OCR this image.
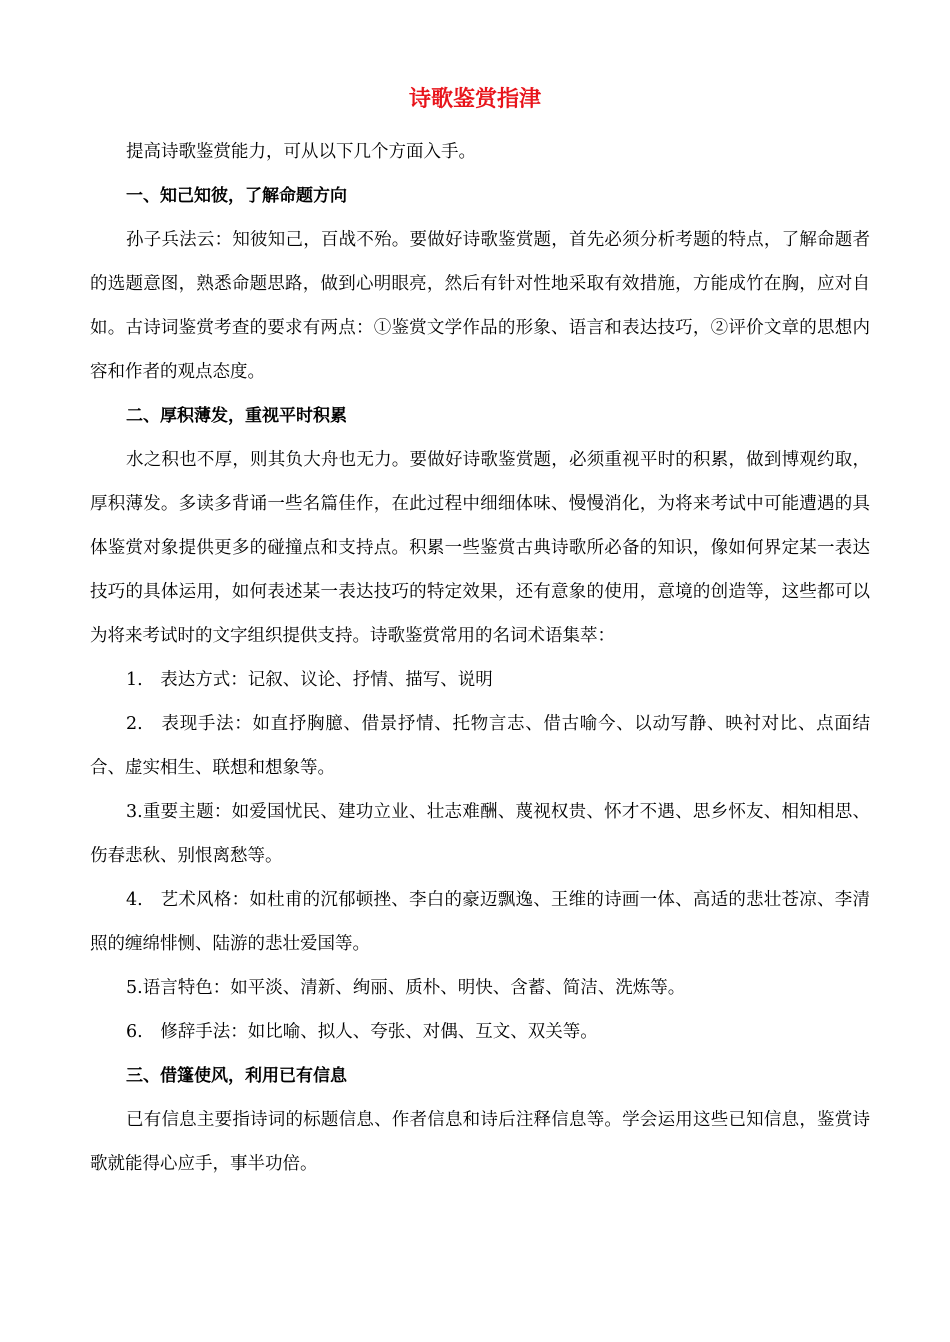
诗歌鉴赏指津

提高诗歌鉴赏能力，可从以下几个方面入手。

一、知己知彼，了解命题方向

孙子兵法云：知彼知己，百战不殆。要做好诗歌鉴赏题，首先必须分析考题的特点，了解命题者的选题意图，熟悉命题思路，做到心明眼亮，然后有针对性地采取有效措施，方能成竹在胸，应对自如。古诗词鉴赏考查的要求有两点：①鉴赏文学作品的形象、语言和表达技巧，②评价文章的思想内容和作者的观点态度。

二、厚积薄发，重视平时积累

水之积也不厚，则其负大舟也无力。要做好诗歌鉴赏题，必须重视平时的积累，做到博观约取，厚积薄发。多读多背诵一些名篇佳作，在此过程中细细体味、慢慢消化，为将来考试中可能遭遇的具体鉴赏对象提供更多的碰撞点和支持点。积累一些鉴赏古典诗歌所必备的知识，像如何界定某一表达技巧的具体运用，如何表述某一表达技巧的特定效果，还有意象的使用，意境的创造等，这些都可以为将来考试时的文字组织提供支持。诗歌鉴赏常用的名词术语集萃：

1.　表达方式：记叙、议论、抒情、描写、说明

2.　表现手法：如直抒胸臆、借景抒情、托物言志、借古喻今、以动写静、映衬对比、点面结合、虚实相生、联想和想象等。

3.重要主题：如爱国忧民、建功立业、壮志难酬、蔑视权贵、怀才不遇、思乡怀友、相知相思、伤春悲秋、别恨离愁等。

4.　艺术风格：如杜甫的沉郁顿挫、李白的豪迈飘逸、王维的诗画一体、高适的悲壮苍凉、李清照的缠绵悱恻、陆游的悲壮爱国等。

5.语言特色：如平淡、清新、绚丽、质朴、明快、含蓄、简洁、洗炼等。

6.　修辞手法：如比喻、拟人、夸张、对偶、互文、双关等。

三、借篷使风，利用已有信息

已有信息主要指诗词的标题信息、作者信息和诗后注释信息等。学会运用这些已知信息，鉴赏诗歌就能得心应手，事半功倍。
